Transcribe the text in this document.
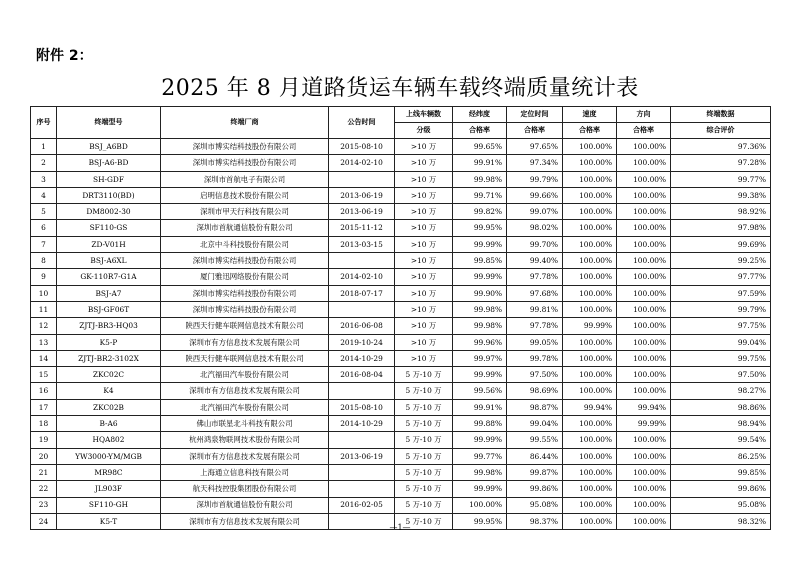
附件 2：
2025 年 8 月道路货运车辆车载终端质量统计表
序号	终端型号	终端厂商	公告时间	上线车辆数	经纬度	定位时间	速度	方向	终端数据
				分级	合格率	合格率	合格率	合格率	综合评价
1	BSJ_A6BD	深圳市博实结科技股份有限公司	2015-08-10	>10 万	99.65%	97.65%	100.00%	100.00%	97.36%
2	BSJ-A6-BD	深圳市博实结科技股份有限公司	2014-02-10	>10 万	99.91%	97.34%	100.00%	100.00%	97.28%
3	SH-GDF	深圳市首航电子有限公司		>10 万	99.98%	99.79%	100.00%	100.00%	99.77%
4	DRT3110(BD)	启明信息技术股份有限公司	2013-06-19	>10 万	99.71%	99.66%	100.00%	100.00%	99.38%
5	DM8002-30	深圳市甲天行科技有限公司	2013-06-19	>10 万	99.82%	99.07%	100.00%	100.00%	98.92%
6	SF110-GS	深圳市首航通信股份有限公司	2015-11-12	>10 万	99.95%	98.02%	100.00%	100.00%	97.98%
7	ZD-V01H	北京中斗科技股份有限公司	2013-03-15	>10 万	99.99%	99.70%	100.00%	100.00%	99.69%
8	BSJ-A6XL	深圳市博实结科技股份有限公司		>10 万	99.85%	99.40%	100.00%	100.00%	99.25%
9	GK-110R7-G1A	厦门雅迅网络股份有限公司	2014-02-10	>10 万	99.99%	97.78%	100.00%	100.00%	97.77%
10	BSJ-A7	深圳市博实结科技股份有限公司	2018-07-17	>10 万	99.90%	97.68%	100.00%	100.00%	97.59%
11	BSJ-GF06T	深圳市博实结科技股份有限公司		>10 万	99.98%	99.81%	100.00%	100.00%	99.79%
12	ZJTJ-BR3-HQ03	陕西天行健车联网信息技术有限公司	2016-06-08	>10 万	99.98%	97.78%	99.99%	100.00%	97.75%
13	K5-P	深圳市有方信息技术发展有限公司	2019-10-24	>10 万	99.96%	99.05%	100.00%	100.00%	99.04%
14	ZJTJ-BR2-3102X	陕西天行健车联网信息技术有限公司	2014-10-29	>10 万	99.97%	99.78%	100.00%	100.00%	99.75%
15	ZKC02C	北汽福田汽车股份有限公司	2016-08-04	5 万-10 万	99.99%	97.50%	100.00%	100.00%	97.50%
16	K4	深圳市有方信息技术发展有限公司		5 万-10 万	99.56%	98.69%	100.00%	100.00%	98.27%
17	ZKC02B	北汽福田汽车股份有限公司	2015-08-10	5 万-10 万	99.91%	98.87%	99.94%	99.94%	98.86%
18	B-A6	佛山市联星北斗科技有限公司	2014-10-29	5 万-10 万	99.88%	99.04%	100.00%	99.99%	98.94%
19	HQA802	杭州鸿泉物联网技术股份有限公司		5 万-10 万	99.99%	99.55%	100.00%	100.00%	99.54%
20	YW3000-YM/MGB	深圳市有方信息技术发展有限公司	2013-06-19	5 万-10 万	99.77%	86.44%	100.00%	100.00%	86.25%
21	MR98C	上海通立信息科技有限公司		5 万-10 万	99.98%	99.87%	100.00%	100.00%	99.85%
22	JL903F	航天科技控股集团股份有限公司		5 万-10 万	99.99%	99.86%	100.00%	100.00%	99.86%
23	SF110-GH	深圳市首航通信股份有限公司	2016-02-05	5 万-10 万	100.00%	95.08%	100.00%	100.00%	95.08%
24	K5-T	深圳市有方信息技术发展有限公司		5 万-10 万	99.95%	98.37%	100.00%	100.00%	98.32%
—1—
